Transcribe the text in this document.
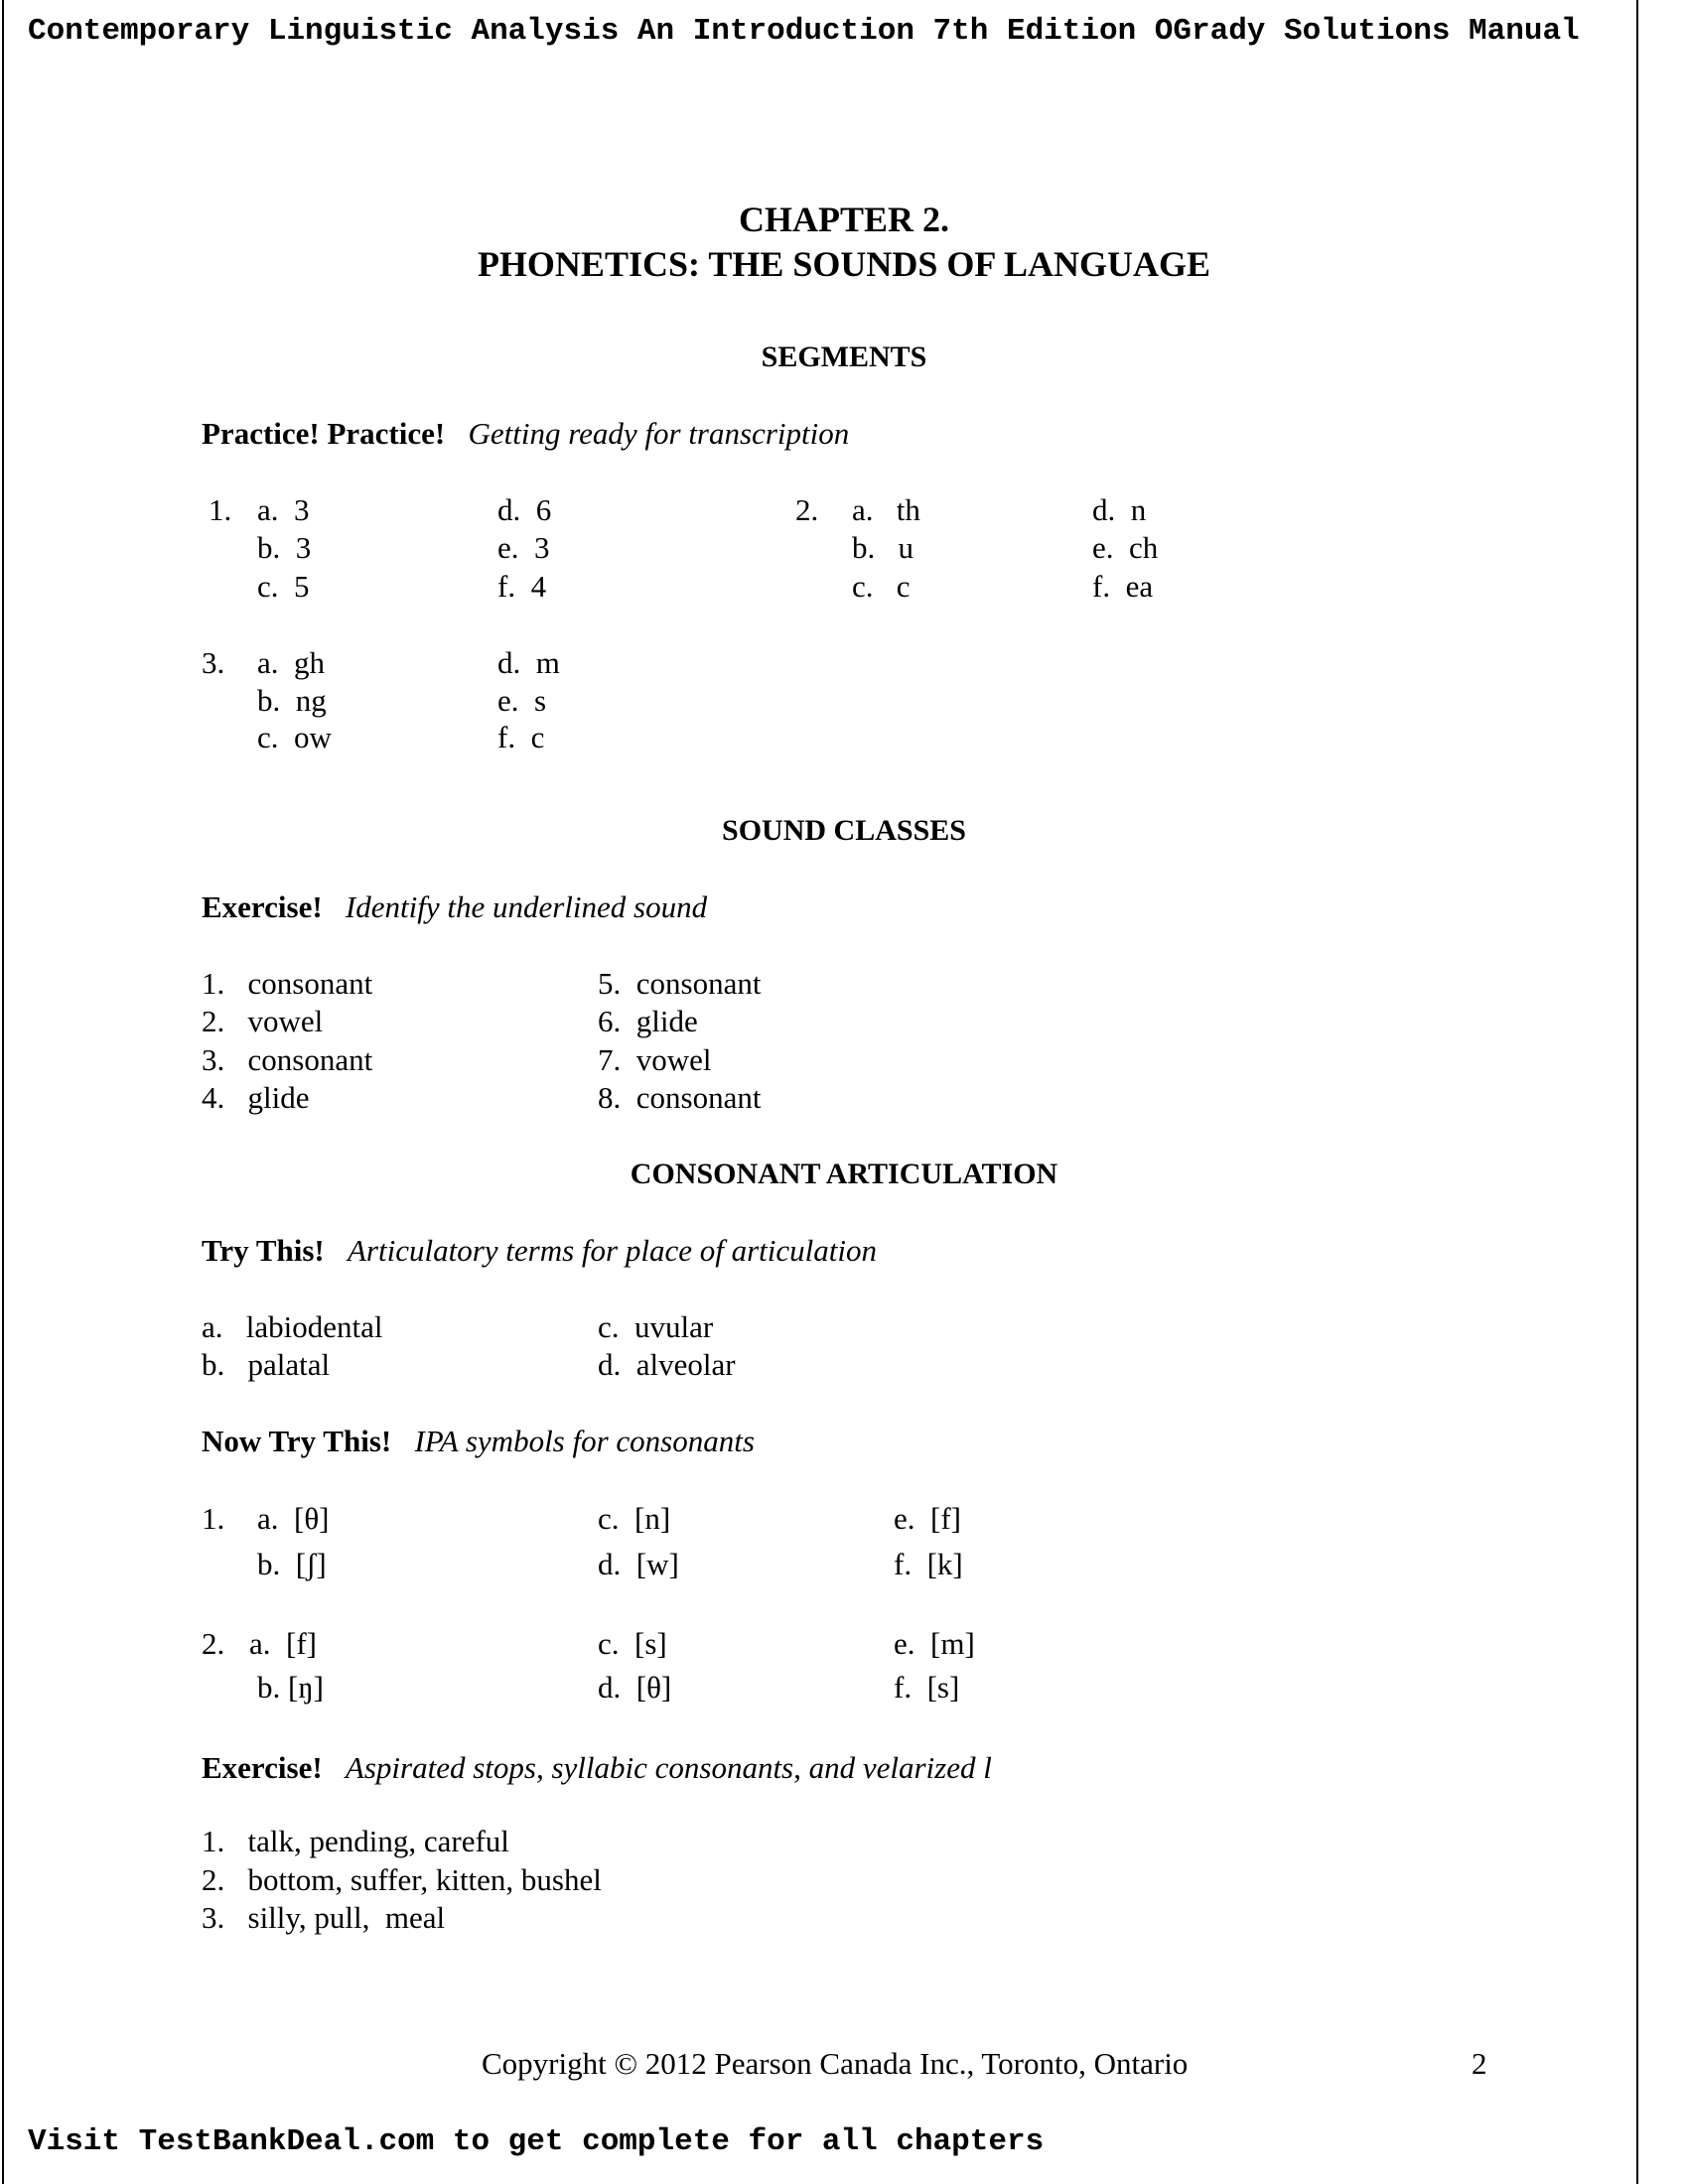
Contemporary Linguistic Analysis An Introduction 7th Edition OGrady Solutions Manual
CHAPTER 2.
PHONETICS: THE SOUNDS OF LANGUAGE
SEGMENTS
Practice! Practice! Getting ready for transcription
1. a.  3
b.  3
c.  5
d.  6
e.  3
f.  4
2. a.   th
b.   u
c.   c
d.  n
e.  ch
f.  ea
3. a.  gh
b.  ng
c.  ow
d.  m
e.  s
f.  c
SOUND CLASSES
Exercise! Identify the underlined sound
1.   consonant
2.   vowel
3.   consonant
4.   glide
5.  consonant
6.  glide
7.  vowel
8.  consonant
CONSONANT ARTICULATION
Try This! Articulatory terms for place of articulation
a.   labiodental
b.   palatal
c.  uvular
d.  alveolar
Now Try This! IPA symbols for consonants
1. a.  [θ]
b.  [ʃ]
c.  [n]
d.  [w]
e.  [f]
f.  [k]
2. a.  [f]
b. [ŋ]
c.  [s]
d.  [θ]
e.  [m]
f.  [s]
Exercise! Aspirated stops, syllabic consonants, and velarized l
1.   talk, pending, careful
2.   bottom, suffer, kitten, bushel
3.   silly, pull,  meal
Copyright © 2012 Pearson Canada Inc., Toronto, Ontario	2
Visit TestBankDeal.com to get complete for all chapters
